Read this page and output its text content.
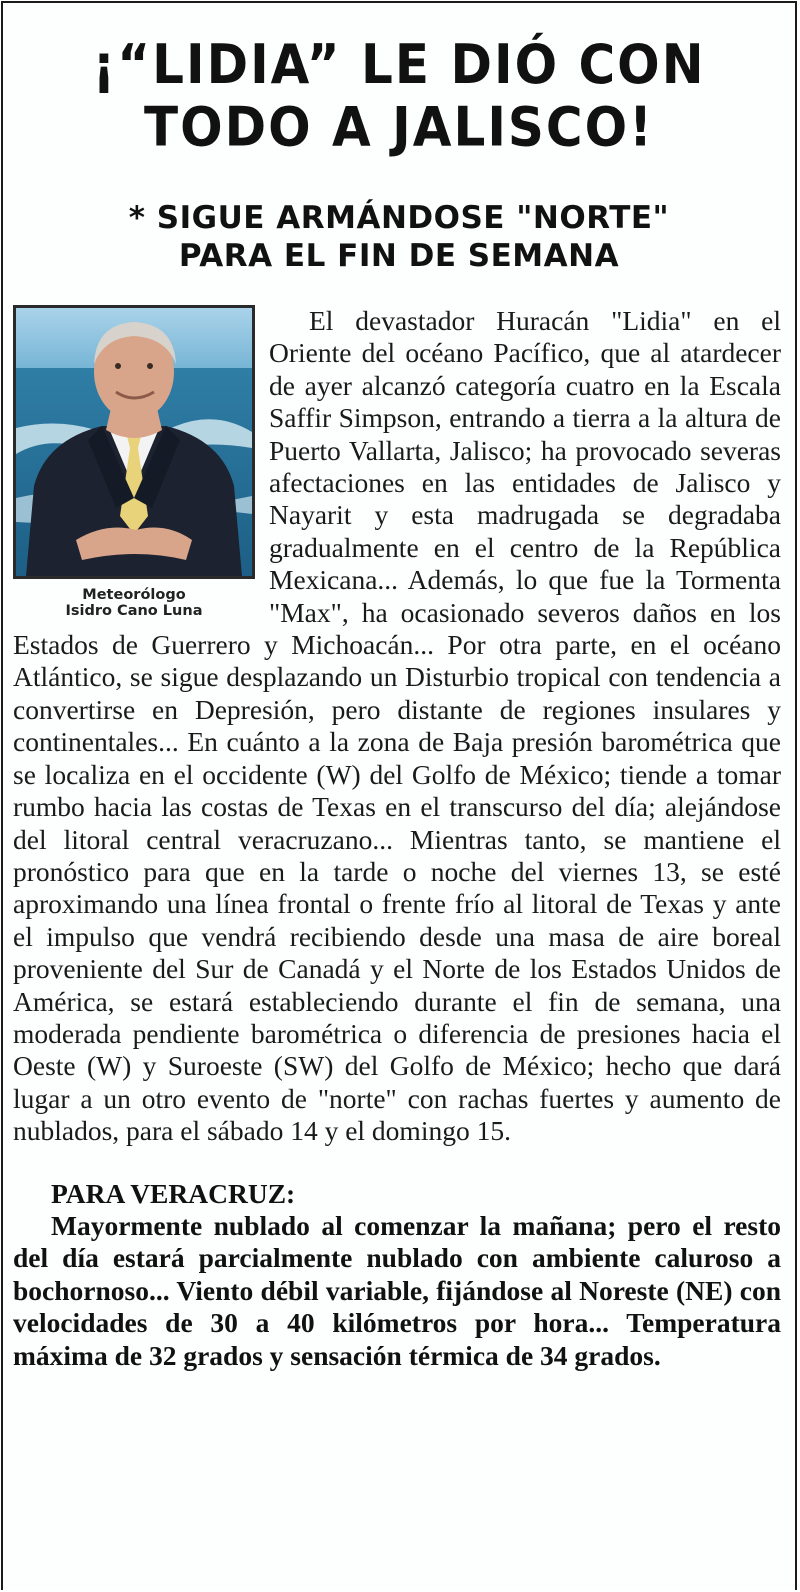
¡“LIDIA” LE DIÓ CON
TODO A JALISCO!
* SIGUE ARMÁNDOSE "NORTE"
PARA EL FIN DE SEMANA
Meteorólogo
Isidro Cano Luna

El devastador Huracán "Lidia" en el Oriente del océano Pacífico, que al atardecer de ayer alcanzó categoría cuatro en la Escala Saffir Simpson, entrando a tierra a la altura de Puerto Vallarta, Jalisco; ha provocado severas afectaciones en las entidades de Jalisco y Nayarit y esta madrugada se degradaba gradualmente en el centro de la República Mexicana... Además, lo que fue la Tormenta "Max", ha ocasionado severos daños en los Estados de Guerrero y Michoacán... Por otra parte, en el océano Atlántico, se sigue desplazando un Disturbio tropical con tendencia a convertirse en Depresión, pero distante de regiones insulares y continentales... En cuánto a la zona de Baja presión barométrica que se localiza en el occidente (W) del Golfo de México; tiende a tomar rumbo hacia las costas de Texas en el transcurso del día; alejándose del litoral central veracruzano... Mientras tanto, se mantiene el pronóstico para que en la tarde o noche del viernes 13, se esté aproximando una línea frontal o frente frío al litoral de Texas y ante el impulso que vendrá recibiendo desde una masa de aire boreal proveniente del Sur de Canadá y el Norte de los Estados Unidos de América, se estará estableciendo durante el fin de semana, una moderada pendiente barométrica o diferencia de presiones hacia el Oeste (W) y Suroeste (SW) del Golfo de México; hecho que dará lugar a un otro evento de "norte" con rachas fuertes y aumento de nublados, para el sábado 14 y el domingo 15.

PARA VERACRUZ:

Mayormente nublado al comenzar la mañana; pero el resto del día estará parcialmente nublado con ambiente caluroso a bochornoso... Viento débil variable, fijándose al Noreste (NE) con velocidades de 30 a 40 kilómetros por hora... Temperatura máxima de 32 grados y sensación térmica de 34 grados.
